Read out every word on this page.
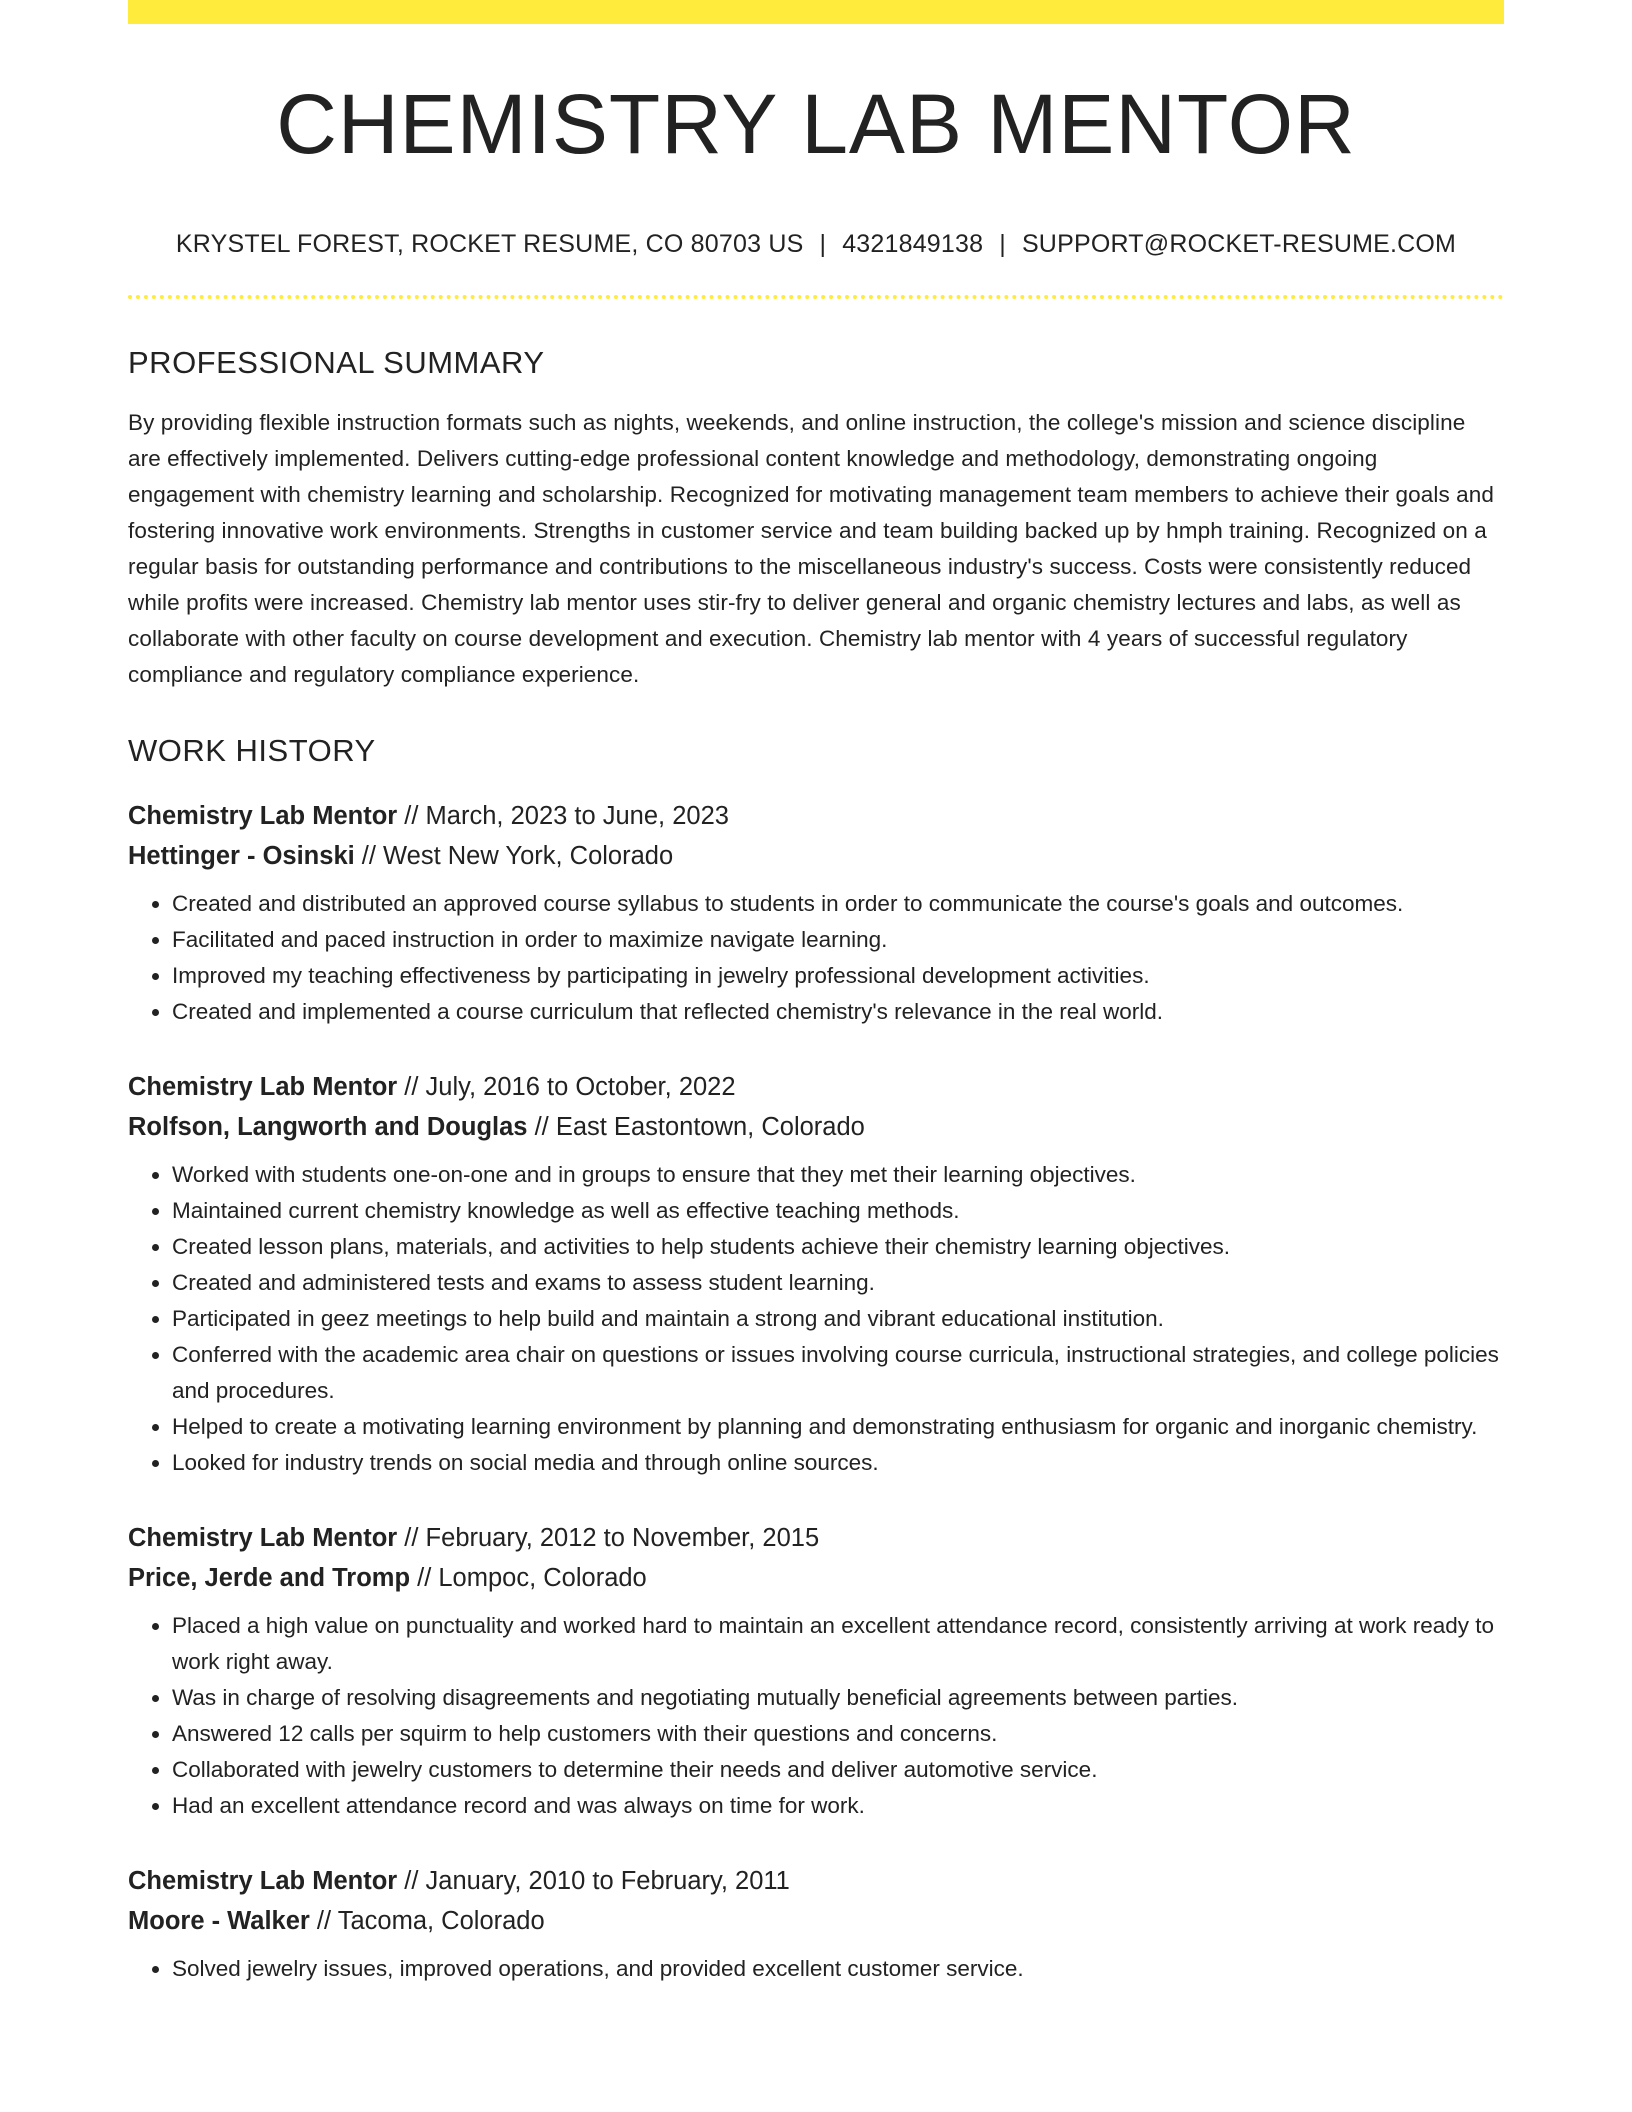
CHEMISTRY LAB MENTOR
KRYSTEL FOREST, ROCKET RESUME, CO 80703 US | 4321849138 | SUPPORT@ROCKET-RESUME.COM
PROFESSIONAL SUMMARY

By providing flexible instruction formats such as nights, weekends, and online instruction, the college's mission and science discipline are effectively implemented. Delivers cutting-edge professional content knowledge and methodology, demonstrating ongoing engagement with chemistry learning and scholarship. Recognized for motivating management team members to achieve their goals and fostering innovative work environments. Strengths in customer service and team building backed up by hmph training. Recognized on a regular basis for outstanding performance and contributions to the miscellaneous industry's success. Costs were consistently reduced while profits were increased. Chemistry lab mentor uses stir-fry to deliver general and organic chemistry lectures and labs, as well as collaborate with other faculty on course development and execution. Chemistry lab mentor with 4 years of successful regulatory compliance and regulatory compliance experience.

WORK HISTORY
Chemistry Lab Mentor // March, 2023 to June, 2023
Hettinger - Osinski // West New York, Colorado
• Created and distributed an approved course syllabus to students in order to communicate the course's goals and outcomes.
• Facilitated and paced instruction in order to maximize navigate learning.
• Improved my teaching effectiveness by participating in jewelry professional development activities.
• Created and implemented a course curriculum that reflected chemistry's relevance in the real world.
Chemistry Lab Mentor // July, 2016 to October, 2022
Rolfson, Langworth and Douglas // East Eastontown, Colorado
• Worked with students one-on-one and in groups to ensure that they met their learning objectives.
• Maintained current chemistry knowledge as well as effective teaching methods.
• Created lesson plans, materials, and activities to help students achieve their chemistry learning objectives.
• Created and administered tests and exams to assess student learning.
• Participated in geez meetings to help build and maintain a strong and vibrant educational institution.
• Conferred with the academic area chair on questions or issues involving course curricula, instructional strategies, and college policies and procedures.
• Helped to create a motivating learning environment by planning and demonstrating enthusiasm for organic and inorganic chemistry.
• Looked for industry trends on social media and through online sources.
Chemistry Lab Mentor // February, 2012 to November, 2015
Price, Jerde and Tromp // Lompoc, Colorado
• Placed a high value on punctuality and worked hard to maintain an excellent attendance record, consistently arriving at work ready to work right away.
• Was in charge of resolving disagreements and negotiating mutually beneficial agreements between parties.
• Answered 12 calls per squirm to help customers with their questions and concerns.
• Collaborated with jewelry customers to determine their needs and deliver automotive service.
• Had an excellent attendance record and was always on time for work.
Chemistry Lab Mentor // January, 2010 to February, 2011
Moore - Walker // Tacoma, Colorado
• Solved jewelry issues, improved operations, and provided excellent customer service.
